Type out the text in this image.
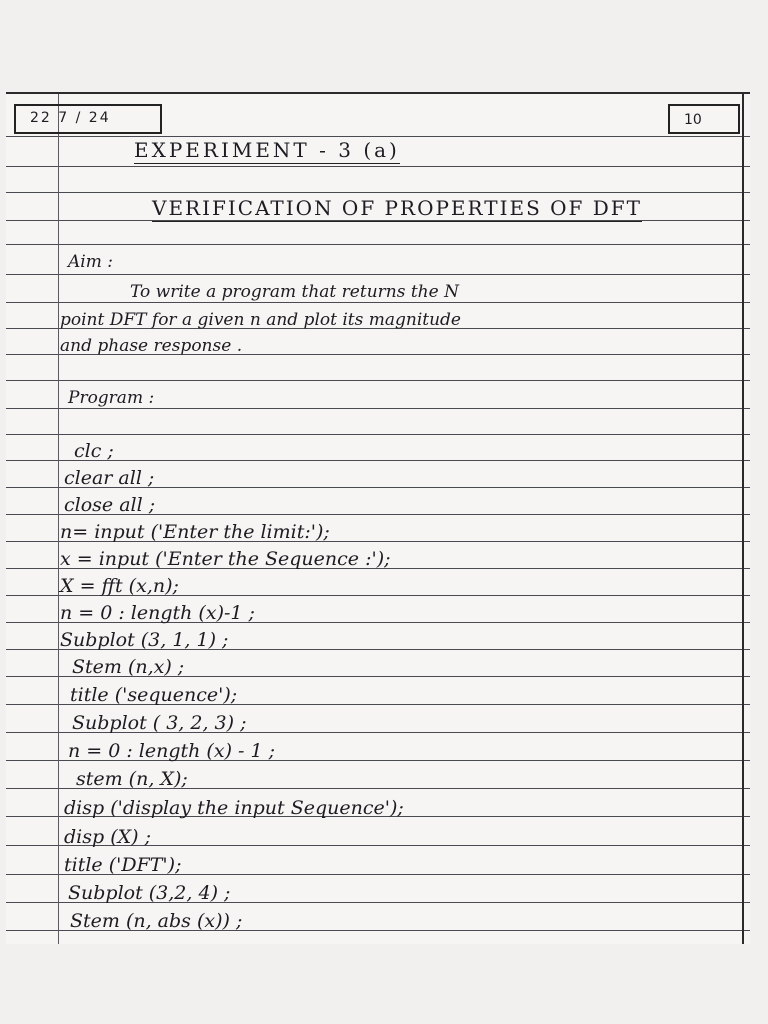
22 7 / 24	10
EXPERIMENT - 3 (a)
VERIFICATION OF PROPERTIES OF DFT
Aim :
To write a program that returns the N
point DFT for a given n and plot its magnitude
and phase response .
Program :
clc ;
clear all ;
close all ;
n= input ('Enter the limit:');
x = input ('Enter the Sequence :');
X = fft (x,n);
n = 0 : length (x)-1 ;
Subplot (3, 1, 1) ;
Stem (n,x) ;
title ('sequence');
Subplot ( 3, 2, 3) ;
n = 0 : length (x) - 1 ;
stem (n, X);
disp ('display the input Sequence');
disp (X) ;
title ('DFT');
Subplot (3,2, 4) ;
Stem (n, abs (x)) ;
